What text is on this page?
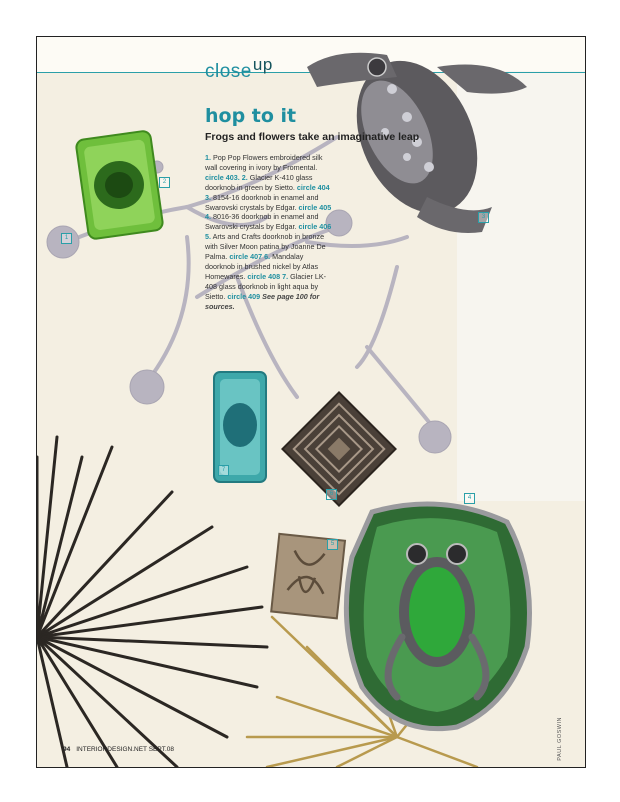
close$^{up}$
hop to it
Frogs and flowers take an imaginative leap
1. Pop Pop Flowers embroidered silk wall covering in ivory by Fromental. circle 403. 2. Glacier K-410 glass doorknob in green by Sietto. circle 404 3. 8154-16 doorknob in enamel and Swarovski crystals by Edgar. circle 405 4. 8016-36 doorknob in enamel and Swarovski crystals by Edgar. circle 406 5. Arts and Crafts doorknob in bronze with Silver Moon patina by Joanne De Palma. circle 407 6. Mandalay doorknob in brushed nickel by Atlas Homewares. circle 408 7. Glacier LK-408 glass doorknob in light aqua by Sietto. circle 409 See page 100 for sources.
1
2
3
4
5
6
7
94 INTERIORDESIGN.NET SEPT.08	PAUL GOSWIN
